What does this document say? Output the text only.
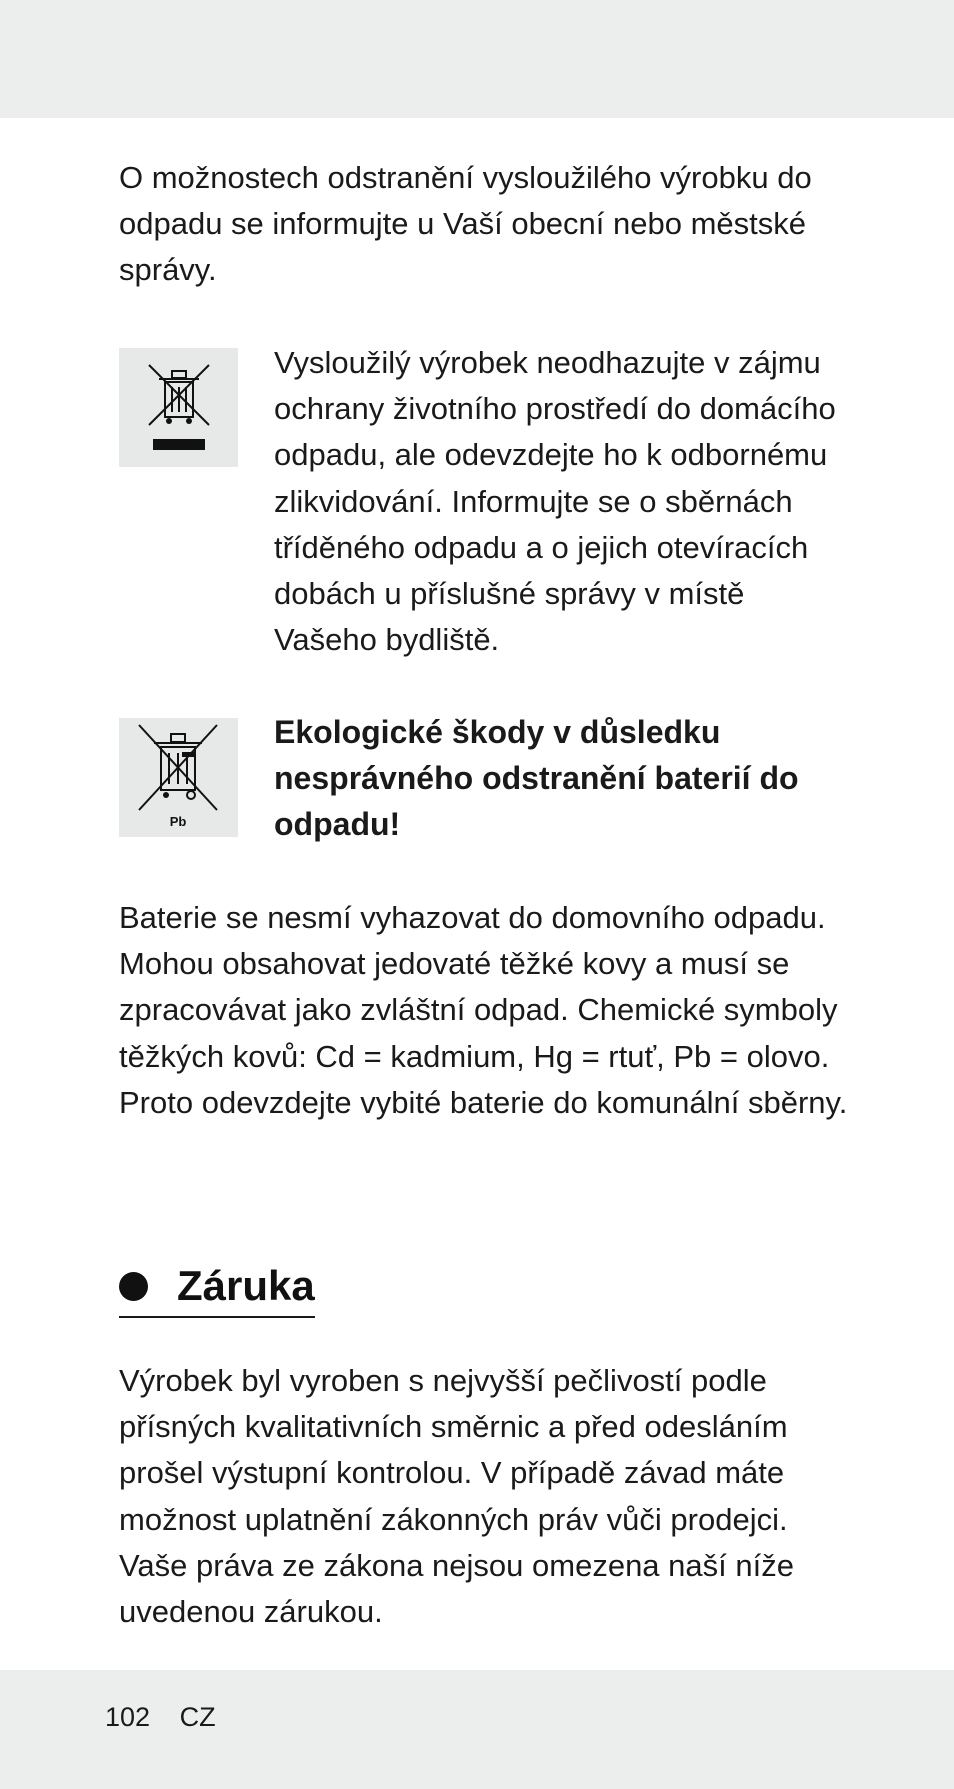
O možnostech odstranění vysloužilého výrobku do odpadu se informujte u Vaší obecní nebo městské správy.

Vysloužilý výrobek neodhazujte v zájmu ochrany životního prostředí do domácího odpadu, ale odevzdejte ho k odbornému zlikvidování. Informujte se o sběrnách tříděného odpadu a o jejich otevíracích dobách u příslušné správy v místě Vašeho bydliště.

Pb

Ekologické škody v důsledku nesprávného odstranění baterií do odpadu!

Baterie se nesmí vyhazovat do domovního odpadu. Mohou obsahovat jedovaté těžké kovy a musí se zpracovávat jako zvláštní odpad. Chemické symboly těžkých kovů: Cd = kadmium, Hg = rtuť, Pb = olovo. Proto odevzdejte vybité baterie do komunální sběrny.

Záruka

Výrobek byl vyroben s nejvyšší pečlivostí podle přísných kvalitativních směrnic a před odesláním prošel výstupní kontrolou. V případě závad máte možnost uplatnění zákonných práv vůči prodejci. Vaše práva ze zákona nejsou omezena naší níže uvedenou zárukou.

102 CZ
